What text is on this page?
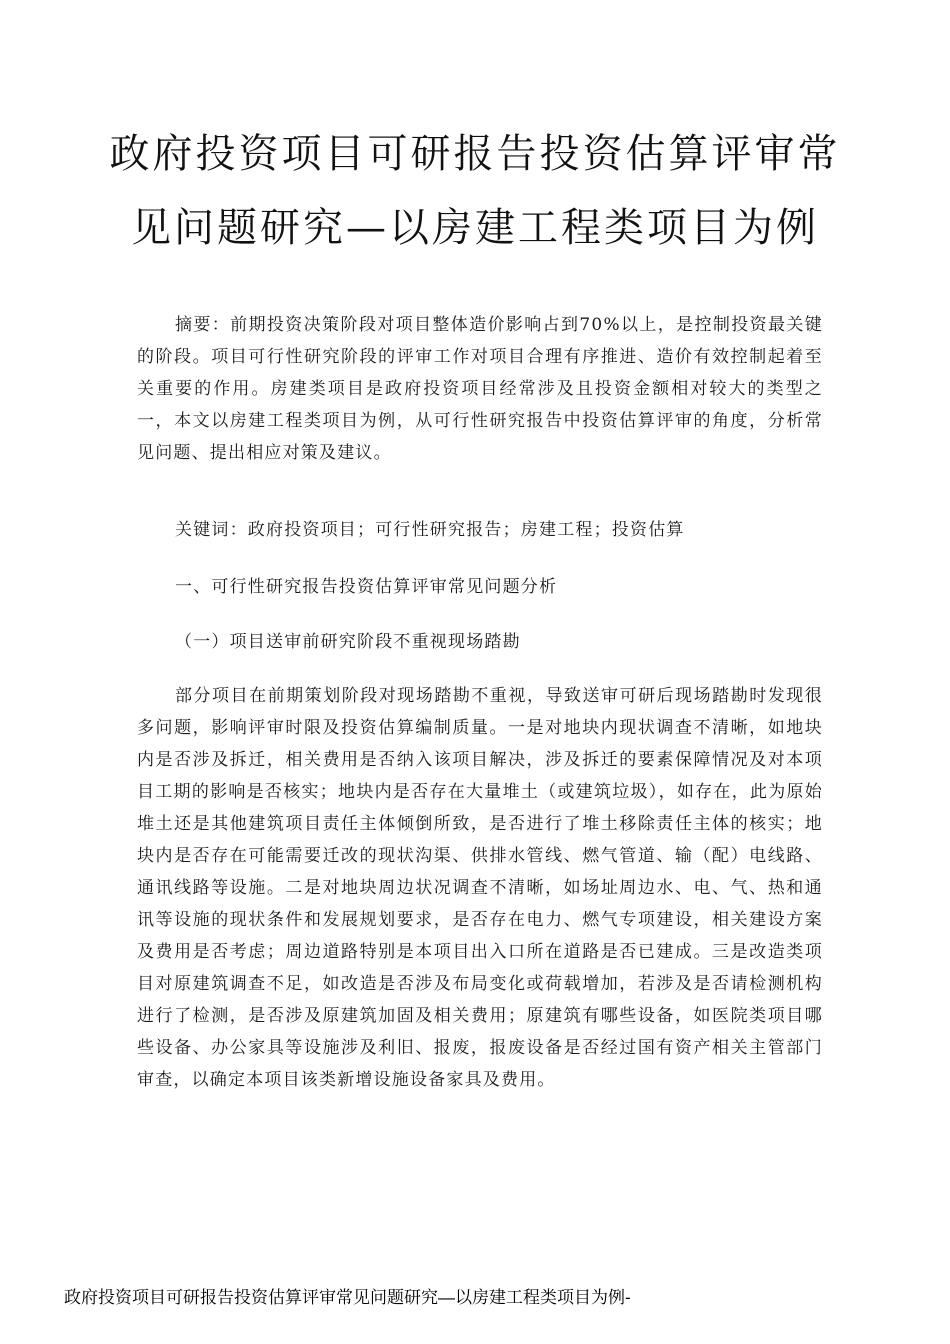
政府投资项目可研报告投资估算评审常
见问题研究—以房建工程类项目为例

摘要：前期投资决策阶段对项目整体造价影响占到70%以上，是控制投资最关键的阶段。项目可行性研究阶段的评审工作对项目合理有序推进、造价有效控制起着至关重要的作用。房建类项目是政府投资项目经常涉及且投资金额相对较大的类型之一，本文以房建工程类项目为例，从可行性研究报告中投资估算评审的角度，分析常见问题、提出相应对策及建议。

关键词：政府投资项目；可行性研究报告；房建工程；投资估算

一、可行性研究报告投资估算评审常见问题分析

（一）项目送审前研究阶段不重视现场踏勘

部分项目在前期策划阶段对现场踏勘不重视，导致送审可研后现场踏勘时发现很多问题，影响评审时限及投资估算编制质量。一是对地块内现状调查不清晰，如地块内是否涉及拆迁，相关费用是否纳入该项目解决，涉及拆迁的要素保障情况及对本项目工期的影响是否核实；地块内是否存在大量堆土（或建筑垃圾），如存在，此为原始堆土还是其他建筑项目责任主体倾倒所致，是否进行了堆土移除责任主体的核实；地块内是否存在可能需要迁改的现状沟渠、供排水管线、燃气管道、输（配）电线路、通讯线路等设施。二是对地块周边状况调查不清晰，如场址周边水、电、气、热和通讯等设施的现状条件和发展规划要求，是否存在电力、燃气专项建设，相关建设方案及费用是否考虑；周边道路特别是本项目出入口所在道路是否已建成。三是改造类项目对原建筑调查不足，如改造是否涉及布局变化或荷载增加，若涉及是否请检测机构进行了检测，是否涉及原建筑加固及相关费用；原建筑有哪些设备，如医院类项目哪些设备、办公家具等设施涉及利旧、报废，报废设备是否经过国有资产相关主管部门审查，以确定本项目该类新增设施设备家具及费用。

政府投资项目可研报告投资估算评审常见问题研究—以房建工程类项目为例-
